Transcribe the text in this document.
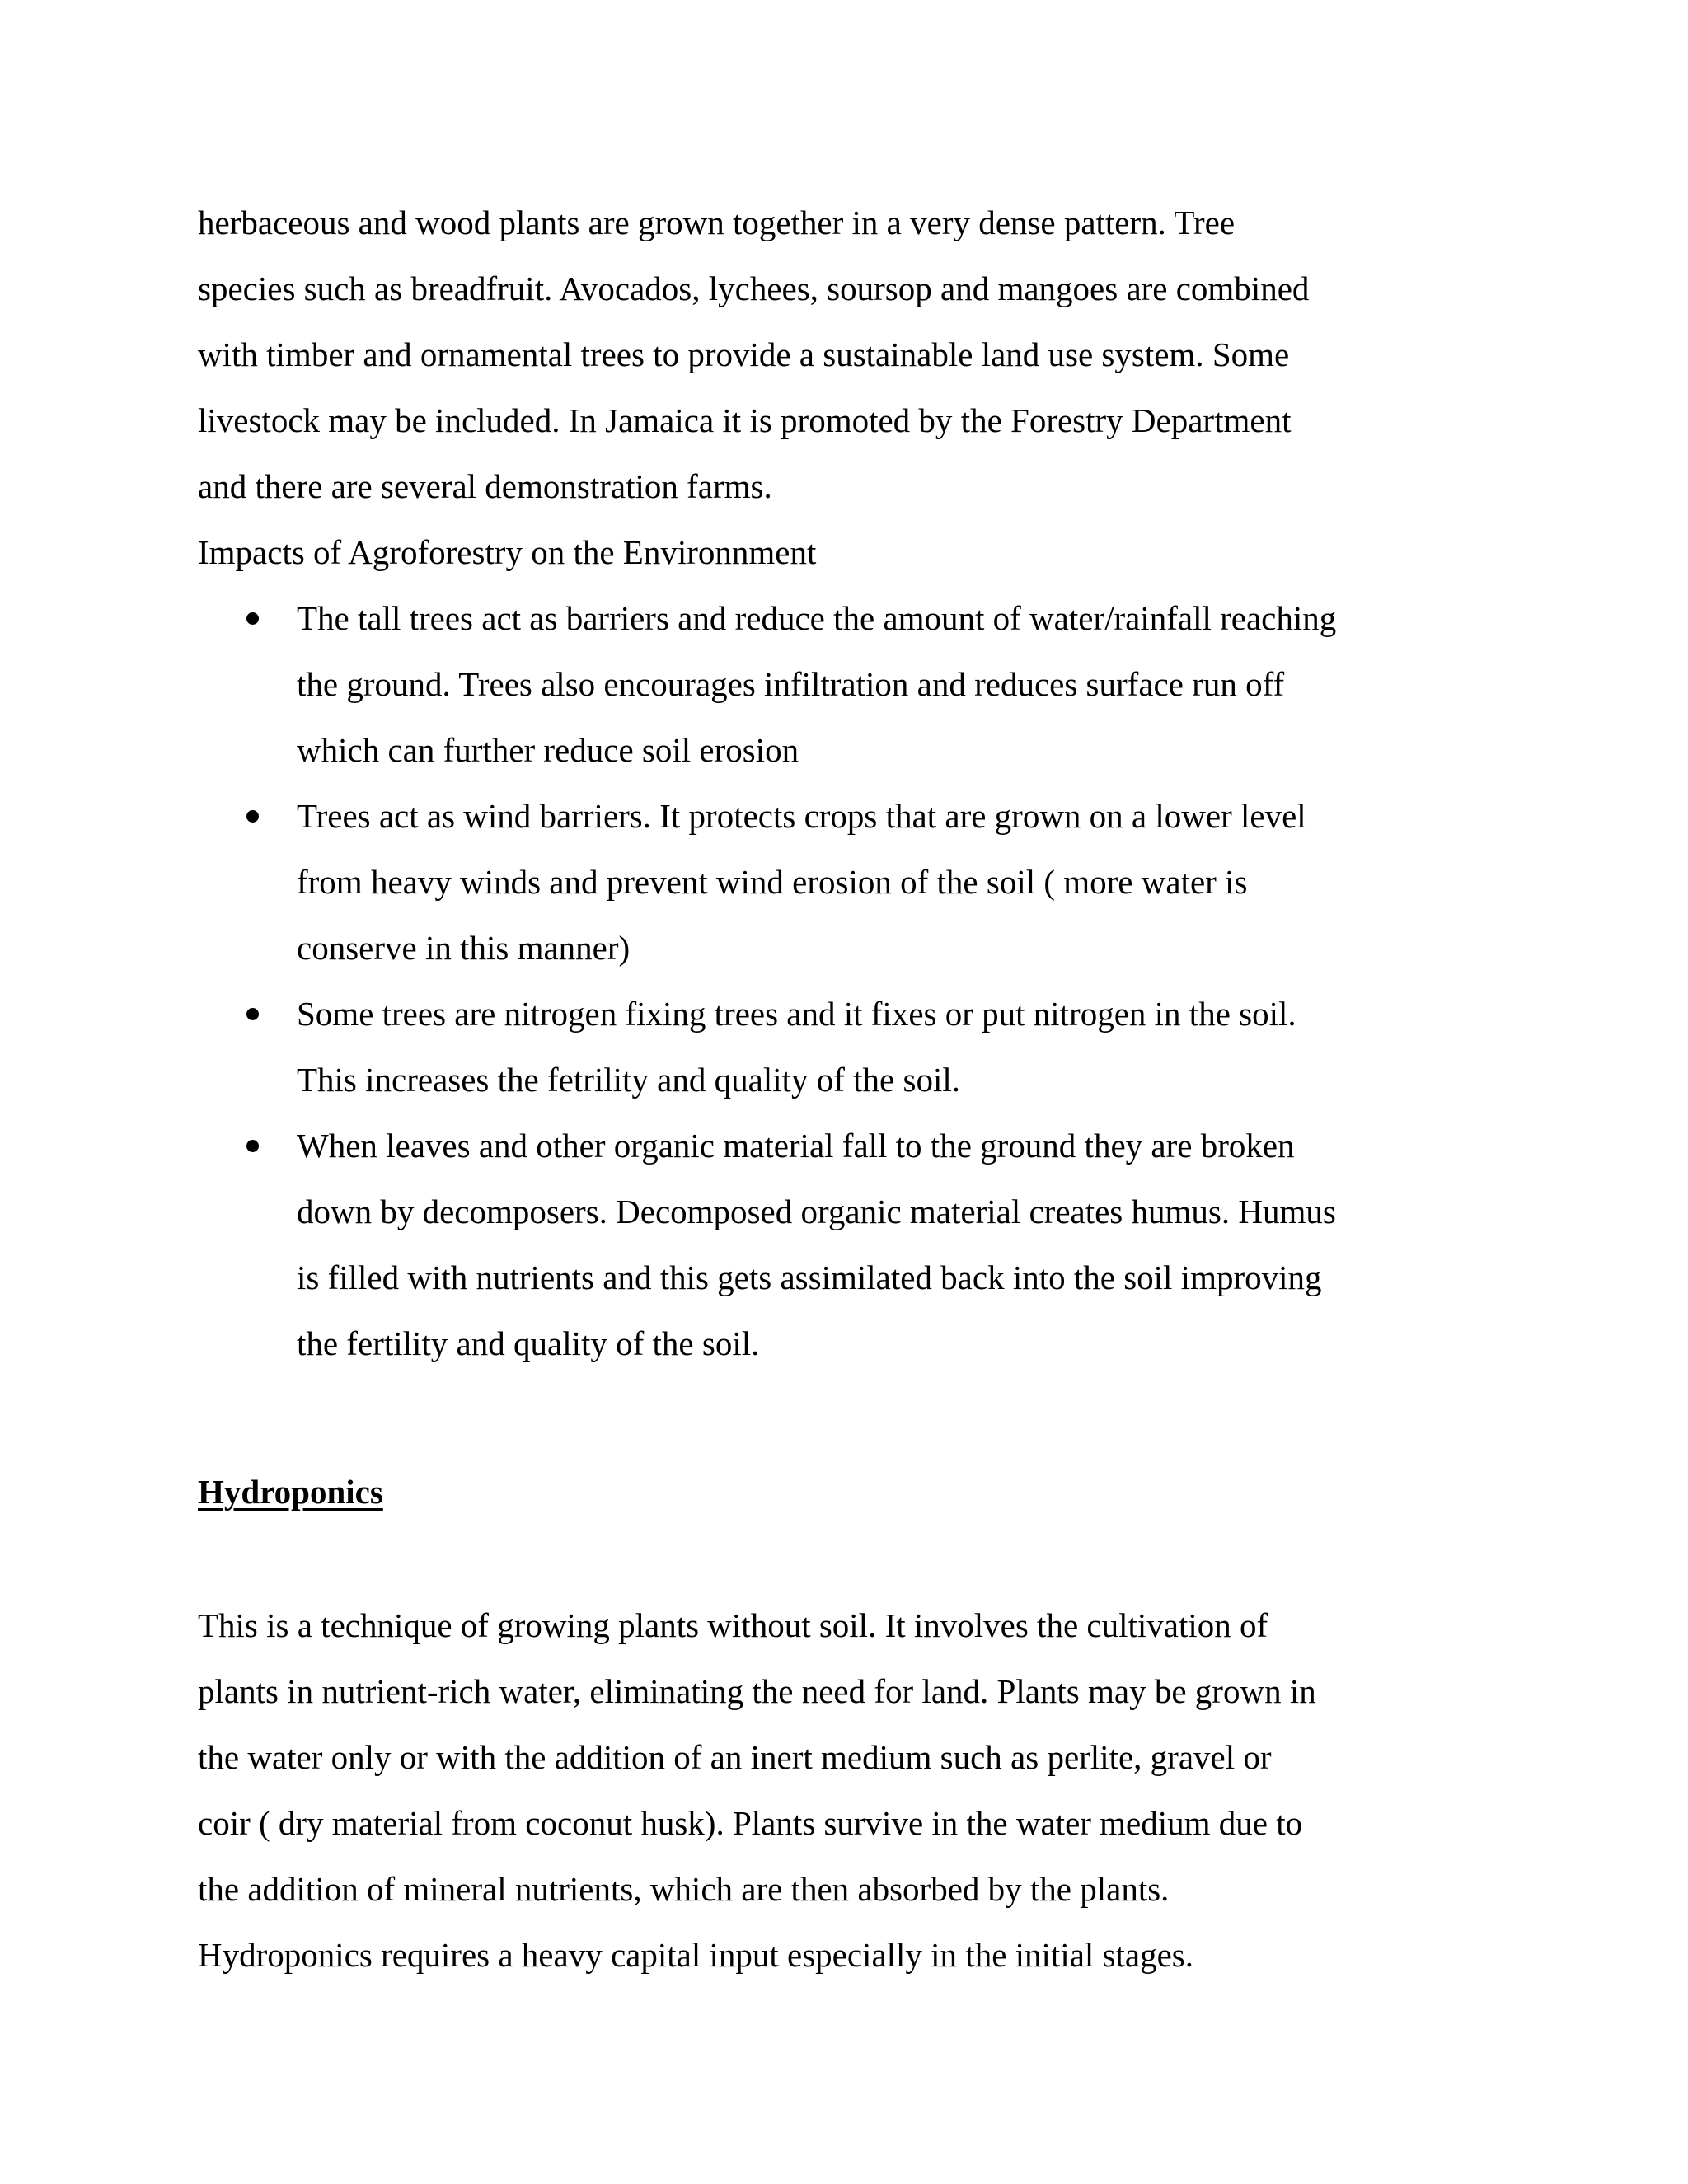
herbaceous and wood plants are grown together in a very dense pattern. Tree

species such as breadfruit. Avocados, lychees, soursop and mangoes are combined

with timber and ornamental trees to provide a sustainable land use system. Some

livestock may be included. In Jamaica it is promoted by the Forestry Department

and there are several demonstration farms.

Impacts of Agroforestry on the Environnment

The tall trees act as barriers and reduce the amount of water/rainfall reaching

the ground. Trees also encourages infiltration and reduces surface run off

which can further reduce soil erosion

Trees act as wind barriers. It protects crops that are grown on a lower level

from heavy winds and prevent wind erosion of the soil ( more water is

conserve in this manner)

Some trees are nitrogen fixing trees and it fixes or put nitrogen in the soil.

This increases the fetrility and quality of the soil.

When leaves and other organic material fall to the ground they are broken

down by decomposers. Decomposed organic material creates humus. Humus

is filled with nutrients and this gets assimilated back into the soil improving

the fertility and quality of the soil.

Hydroponics

This is a technique of growing plants without soil. It involves the cultivation of

plants in nutrient-rich water, eliminating the need for land. Plants may be grown in

the water only or with the addition of an inert medium such as perlite, gravel or

coir ( dry material from coconut husk). Plants survive in the water medium due to

the addition of mineral nutrients, which are then absorbed by the plants.

Hydroponics requires a heavy capital input especially in the initial stages.
